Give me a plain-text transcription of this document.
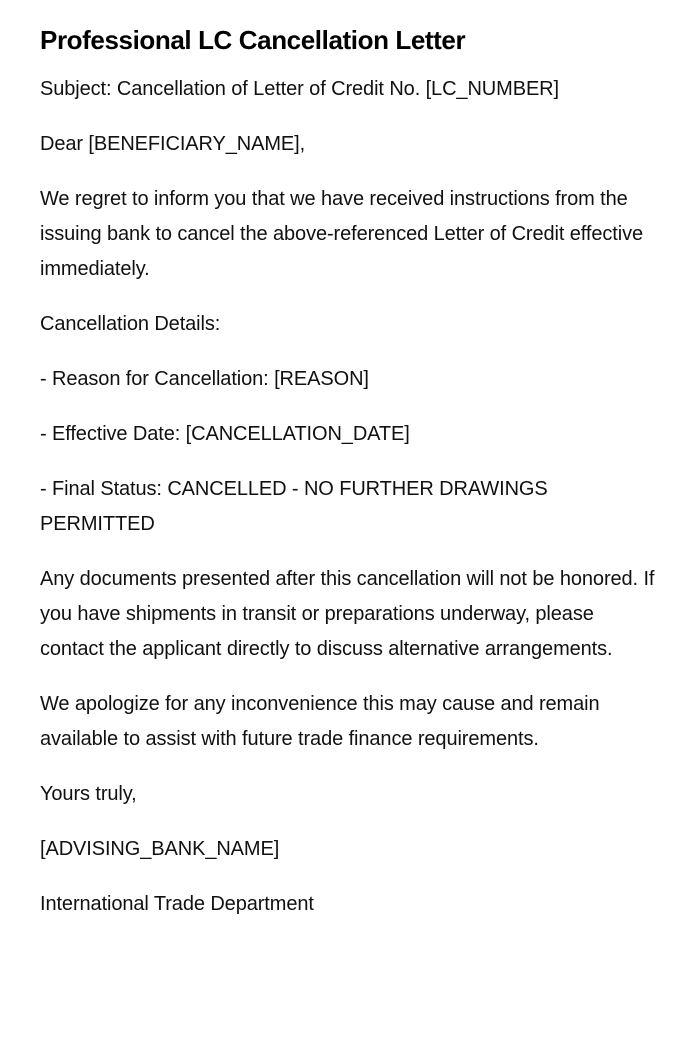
Professional LC Cancellation Letter

Subject: Cancellation of Letter of Credit No. [LC_NUMBER]

Dear [BENEFICIARY_NAME],

We regret to inform you that we have received instructions from the issuing bank to cancel the above-referenced Letter of Credit effective immediately.

Cancellation Details:

- Reason for Cancellation: [REASON]

- Effective Date: [CANCELLATION_DATE]

- Final Status: CANCELLED - NO FURTHER DRAWINGS PERMITTED

Any documents presented after this cancellation will not be honored. If you have shipments in transit or preparations underway, please contact the applicant directly to discuss alternative arrangements.

We apologize for any inconvenience this may cause and remain available to assist with future trade finance requirements.

Yours truly,

[ADVISING_BANK_NAME]

International Trade Department
